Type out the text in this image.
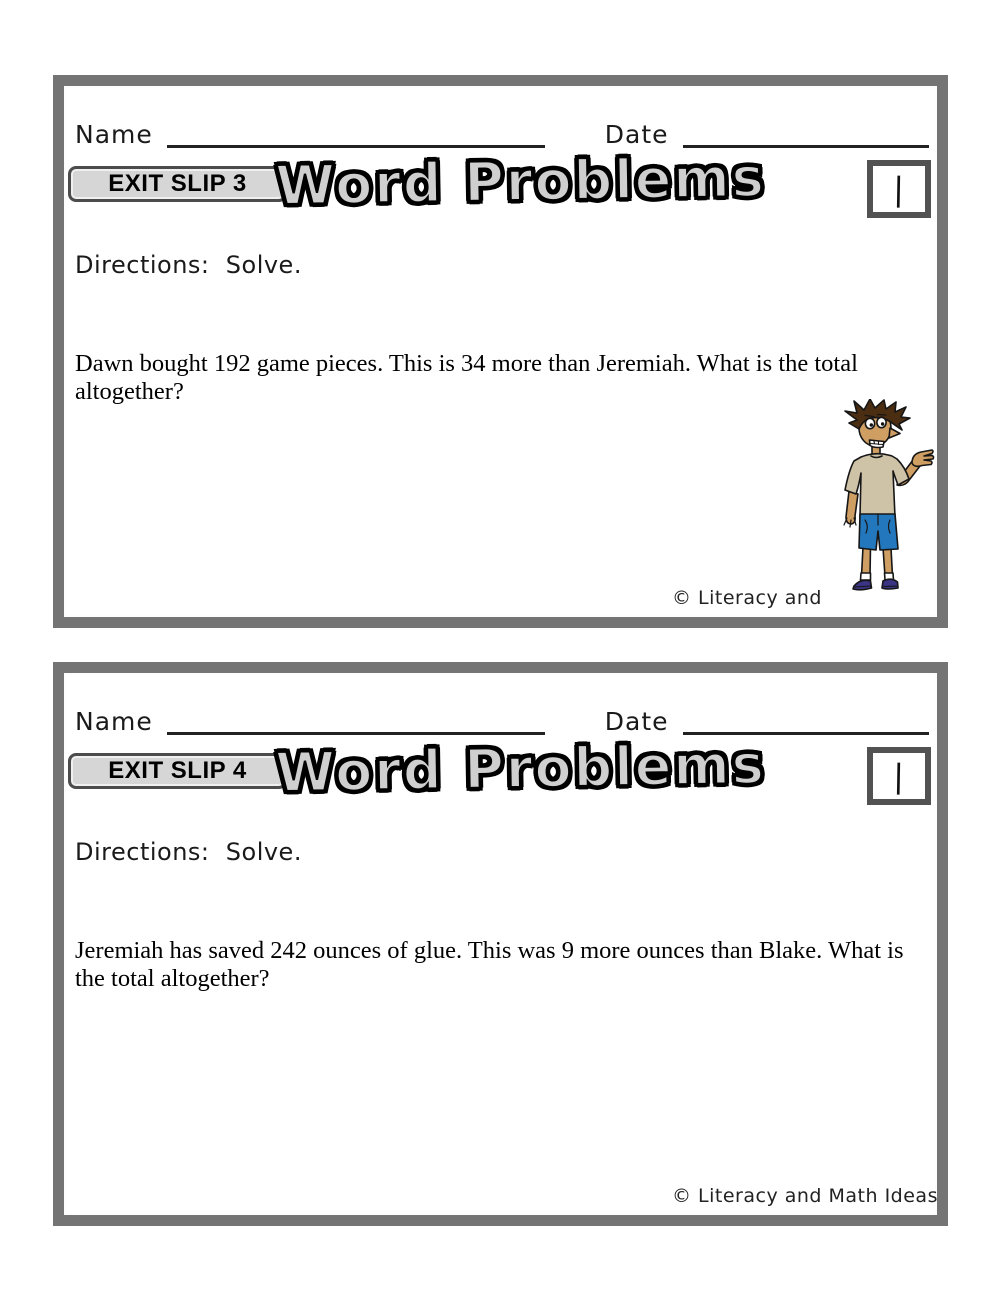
Name	Date
EXIT SLIP 3 Word Problems	|
Directions:  Solve.
Dawn bought 192 game pieces. This is 34 more than Jeremiah. What is the total altogether?
© Literacy and
Name	Date
EXIT SLIP 4 Word Problems	|
Directions:  Solve.
Jeremiah has saved 242 ounces of glue. This was 9 more ounces than Blake. What is the total altogether?
© Literacy and Math Ideas
